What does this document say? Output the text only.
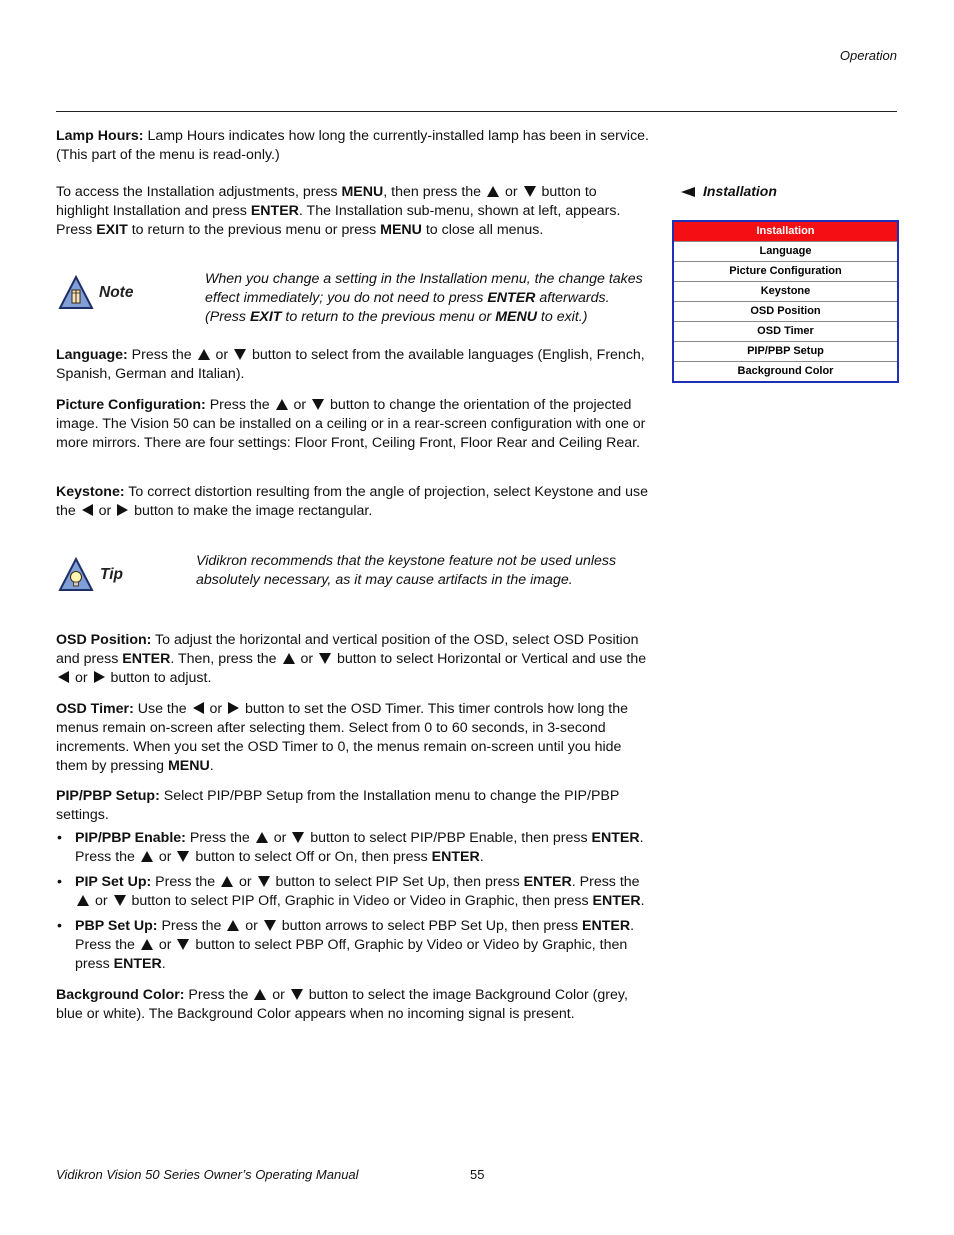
Operation

Lamp Hours: Lamp Hours indicates how long the currently-installed lamp has been in service. (This part of the menu is read-only.)

To access the Installation adjustments, press MENU, then press the  or  button to highlight Installation and press ENTER. The Installation sub-menu, shown at left, appears. Press EXIT to return to the previous menu or press MENU to close all menus.

Note

When you change a setting in the Installation menu, the change takes effect immediately; you do not need to press ENTER afterwards. (Press EXIT to return to the previous menu or MENU to exit.)

Language: Press the  or  button to select from the available languages (English, French, Spanish, German and Italian).

Picture Configuration: Press the  or  button to change the orientation of the projected image. The Vision 50 can be installed on a ceiling or in a rear-screen configuration with one or more mirrors. There are four settings: Floor Front, Ceiling Front, Floor Rear and Ceiling Rear.

Keystone: To correct distortion resulting from the angle of projection, select Keystone and use the  or  button to make the image rectangular.

Tip

Vidikron recommends that the keystone feature not be used unless absolutely necessary, as it may cause artifacts in the image.

OSD Position: To adjust the horizontal and vertical position of the OSD, select OSD Position and press ENTER. Then, press the  or  button to select Horizontal or Vertical and use the  or  button to adjust.

OSD Timer: Use the  or  button to set the OSD Timer. This timer controls how long the menus remain on-screen after selecting them. Select from 0 to 60 seconds, in 3-second increments. When you set the OSD Timer to 0, the menus remain on-screen until you hide them by pressing MENU.

PIP/PBP Setup: Select PIP/PBP Setup from the Installation menu to change the PIP/PBP settings.

• PIP/PBP Enable: Press the  or  button to select PIP/PBP Enable, then press ENTER. Press the  or  button to select Off or On, then press ENTER.
• PIP Set Up: Press the  or  button to select PIP Set Up, then press ENTER. Press the  or  button to select PIP Off, Graphic in Video or Video in Graphic, then press ENTER.
• PBP Set Up: Press the  or  button arrows to select PBP Set Up, then press ENTER. Press the  or  button to select PBP Off, Graphic by Video or Video by Graphic, then press ENTER.

Background Color: Press the  or  button to select the image Background Color (grey, blue or white). The Background Color appears when no incoming signal is present.

Installation
Installation
Language
Picture Configuration
Keystone
OSD Position
OSD Timer
PIP/PBP Setup
Background Color
Vidikron Vision 50 Series Owner’s Operating Manual	55
